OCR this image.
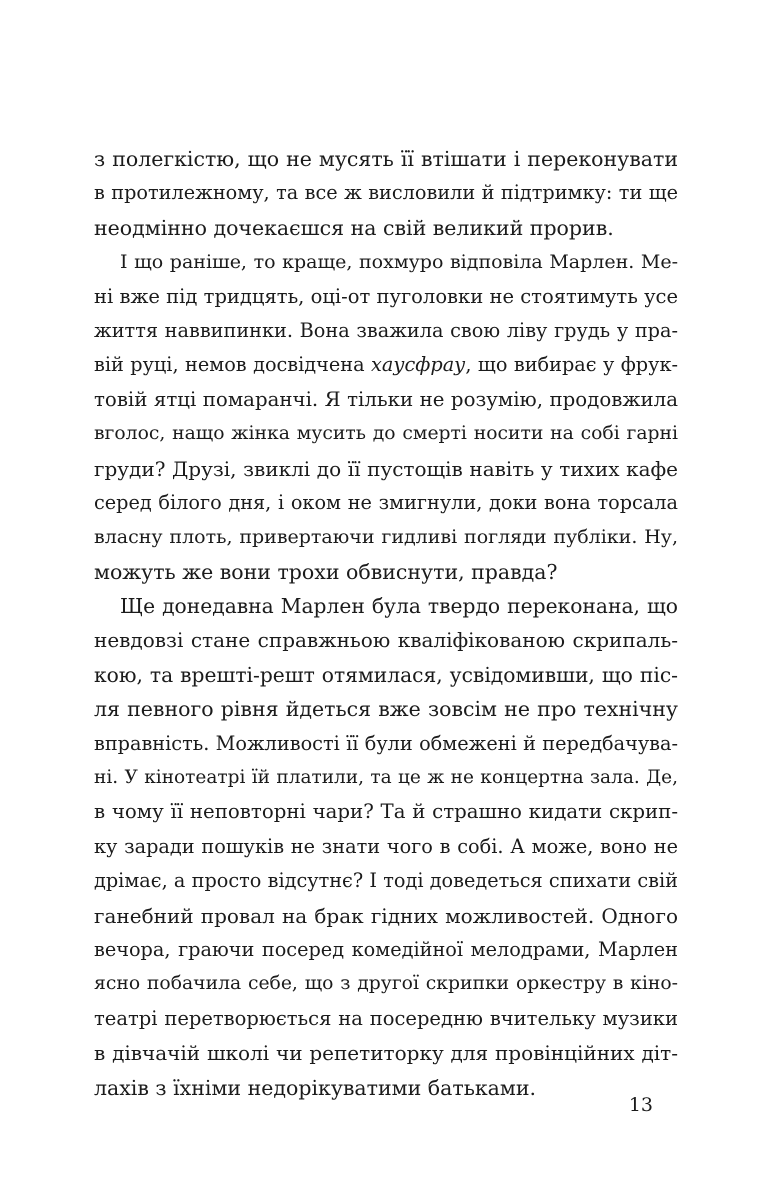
з полегкістю, що не мусять її втішати і переконувати
в протилежному, та все ж висловили й підтримку: ти ще
неодмінно дочекаєшся на свій великий прорив.
І що раніше, то краще, похмуро відповіла Марлен. Ме-
ні вже під тридцять, оці-от пуголовки не стоятимуть усе
життя наввипинки. Вона зважила свою ліву грудь у пра-
вій руці, немов досвідчена хаусфрау, що вибирає у фрук-
товій ятці помаранчі. Я тільки не розумію, продовжила
вголос, нащо жінка мусить до смерті носити на собі гарні
груди? Друзі, звиклі до її пустощів навіть у тихих кафе
серед білого дня, і оком не змигнули, доки вона торсала
власну плоть, привертаючи гидливі погляди публіки. Ну,
можуть же вони трохи обвиснути, правда?
Ще донедавна Марлен була твердо переконана, що
невдовзі стане справжньою кваліфікованою скрипаль-
кою, та врешті-решт отямилася, усвідомивши, що піс-
ля певного рівня йдеться вже зовсім не про технічну
вправність. Можливості її були обмежені й передбачува-
ні. У кінотеатрі їй платили, та це ж не концертна зала. Де,
в чому її неповторні чари? Та й страшно кидати скрип-
ку заради пошуків не знати чого в собі. А може, воно не
дрімає, а просто відсутнє? І тоді доведеться спихати свій
ганебний провал на брак гідних можливостей. Одного
вечора, граючи посеред комедійної мелодрами, Марлен
ясно побачила себе, що з другої скрипки оркестру в кіно-
театрі перетворюється на посередню вчительку музики
в дівчачій школі чи репетиторку для провінційних діт-
лахів з їхніми недорікуватими батьками.
13
